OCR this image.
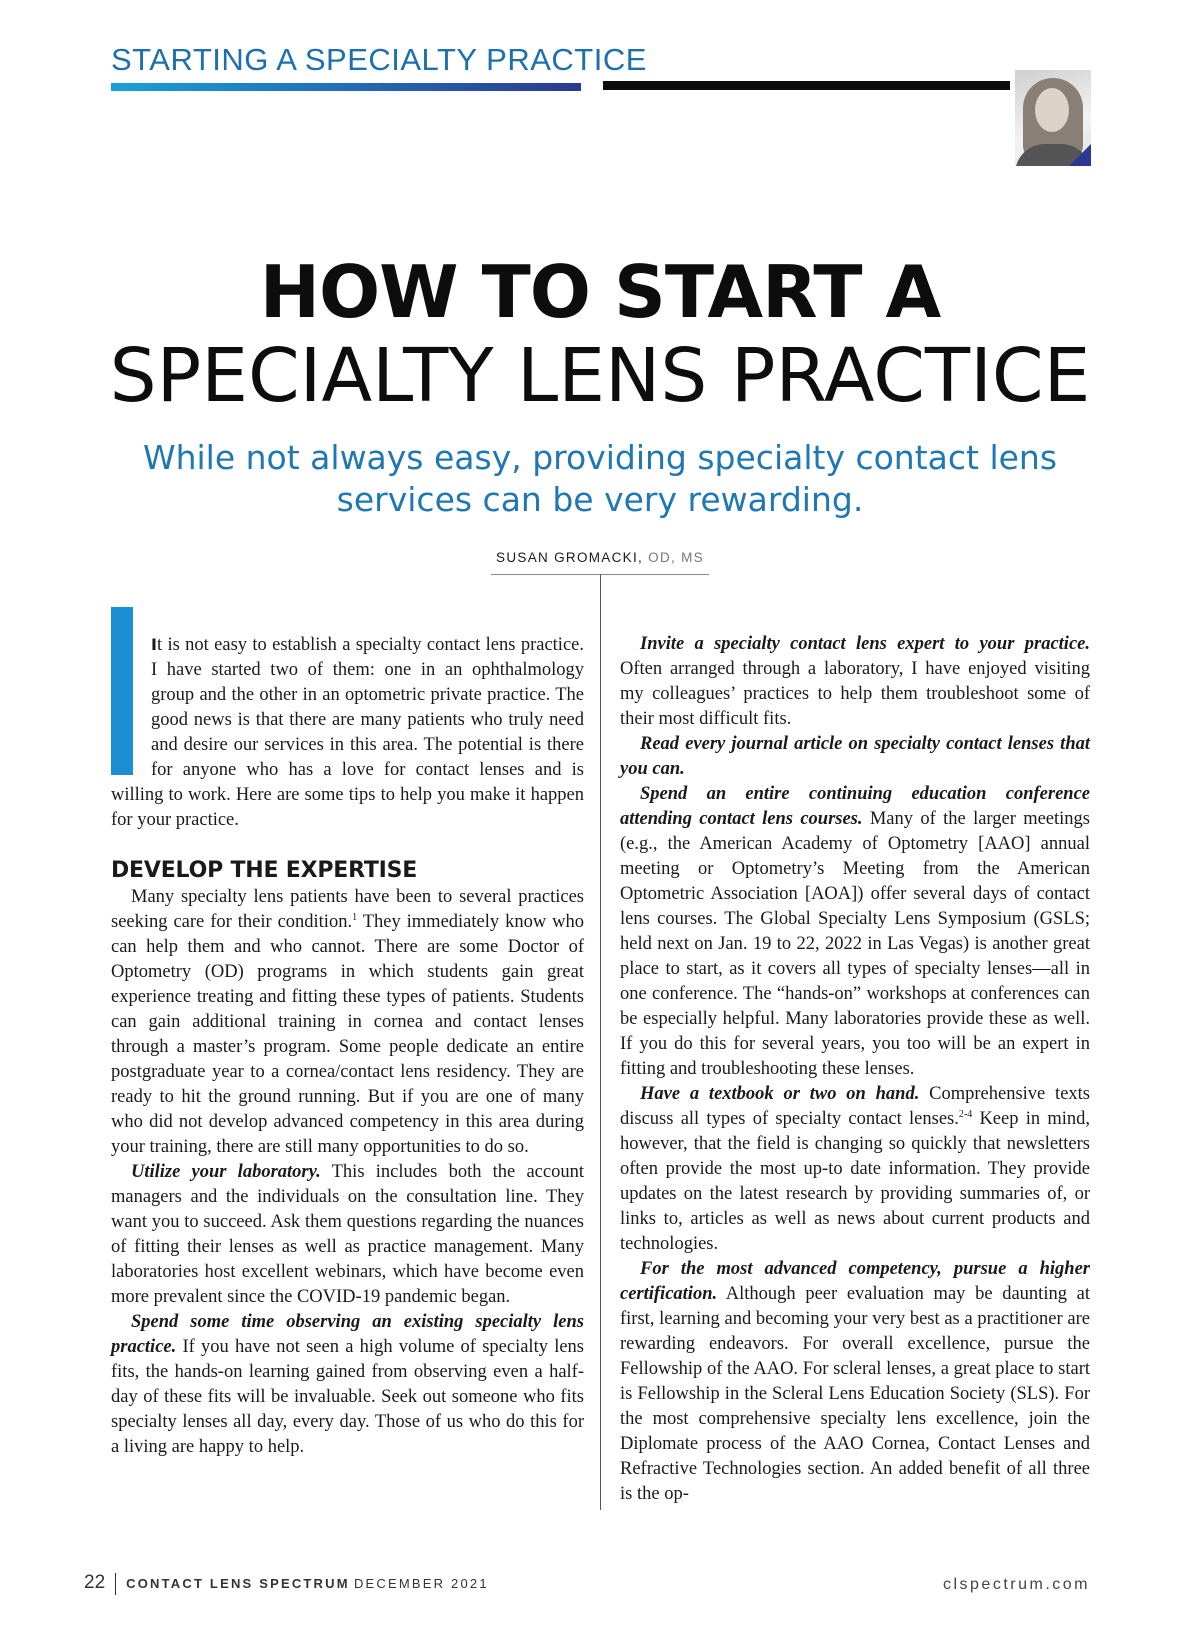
STARTING A SPECIALTY PRACTICE
HOW TO START A
SPECIALTY LENS PRACTICE
While not always easy, providing specialty contact lens
services can be very rewarding.
SUSAN GROMACKI, OD, MS

It is not easy to establish a specialty contact lens practice. I have started two of them: one in an ophthalmology group and the other in an optometric private practice. The good news is that there are many patients who truly need and desire our services in this area. The potential is there for anyone who has a love for contact lenses and is willing to work. Here are some tips to help you make it happen for your practice.

DEVELOP THE EXPERTISE

Many specialty lens patients have been to several practices seeking care for their condition.$^1$ They immediately know who can help them and who cannot. There are some Doctor of Optometry (OD) programs in which students gain great experience treating and fitting these types of patients. Students can gain additional training in cornea and contact lenses through a master’s program. Some people dedicate an entire postgraduate year to a cornea/contact lens residency. They are ready to hit the ground running. But if you are one of many who did not develop advanced competency in this area during your training, there are still many opportunities to do so.

Utilize your laboratory. This includes both the account managers and the individuals on the consultation line. They want you to succeed. Ask them questions regarding the nuances of fitting their lenses as well as practice management. Many laboratories host excellent webinars, which have become even more prevalent since the COVID-19 pandemic began.

Spend some time observing an existing specialty lens practice. If you have not seen a high volume of specialty lens fits, the hands-on learning gained from observing even a half-day of these fits will be invaluable. Seek out someone who fits specialty lenses all day, every day. Those of us who do this for a living are happy to help.

Invite a specialty contact lens expert to your practice. Often arranged through a laboratory, I have enjoyed visiting my colleagues’ practices to help them troubleshoot some of their most difficult fits.

Read every journal article on specialty contact lenses that you can.

Spend an entire continuing education conference attending contact lens courses. Many of the larger meetings (e.g., the American Academy of Optometry [AAO] annual meeting or Optometry’s Meeting from the American Optometric Association [AOA]) offer several days of contact lens courses. The Global Specialty Lens Symposium (GSLS; held next on Jan. 19 to 22, 2022 in Las Vegas) is another great place to start, as it covers all types of specialty lenses—all in one conference. The “hands-on” workshops at conferences can be especially helpful. Many laboratories provide these as well. If you do this for several years, you too will be an expert in fitting and troubleshooting these lenses.

Have a textbook or two on hand. Comprehensive texts discuss all types of specialty contact lenses.$^{2-4}$ Keep in mind, however, that the field is changing so quickly that newsletters often provide the most up-to date information. They provide updates on the latest research by providing summaries of, or links to, articles as well as news about current products and technologies.

For the most advanced competency, pursue a higher certification. Although peer evaluation may be daunting at first, learning and becoming your very best as a practitioner are rewarding endeavors. For overall excellence, pursue the Fellowship of the AAO. For scleral lenses, a great place to start is Fellowship in the Scleral Lens Education Society (SLS). For the most comprehensive specialty lens excellence, join the Diplomate process of the AAO Cornea, Contact Lenses and Refractive Technologies section. An added benefit of all three is the op-

22 CONTACT LENS SPECTRUM DECEMBER 2021	clspectrum.com
